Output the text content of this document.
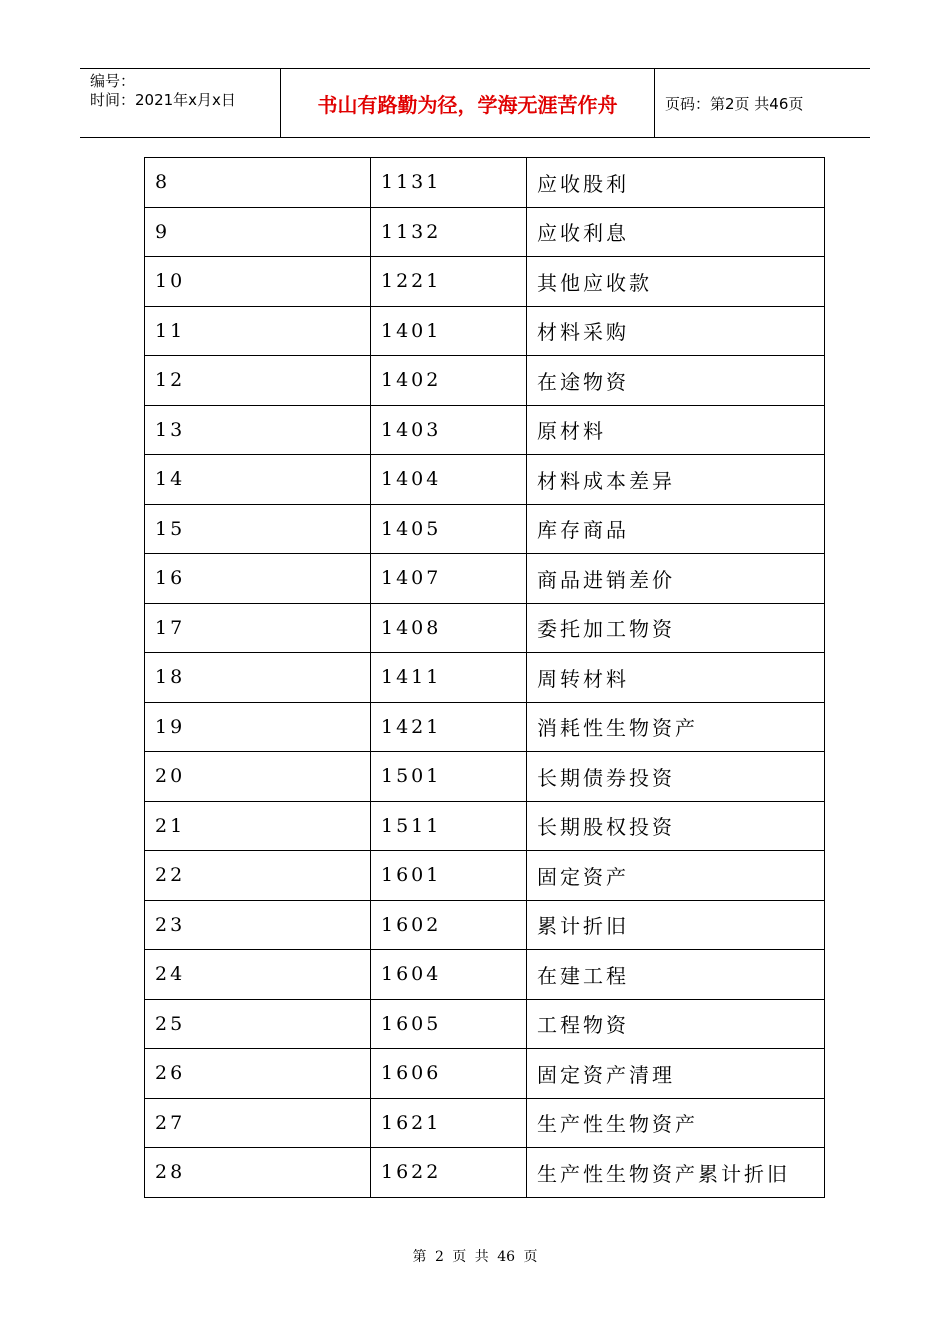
编号：
时间：2021年x月x日	书山有路勤为径，学海无涯苦作舟	页码：第2页 共46页
8	1131	应收股利
9	1132	应收利息
10	1221	其他应收款
11	1401	材料采购
12	1402	在途物资
13	1403	原材料
14	1404	材料成本差异
15	1405	库存商品
16	1407	商品进销差价
17	1408	委托加工物资
18	1411	周转材料
19	1421	消耗性生物资产
20	1501	长期债券投资
21	1511	长期股权投资
22	1601	固定资产
23	1602	累计折旧
24	1604	在建工程
25	1605	工程物资
26	1606	固定资产清理
27	1621	生产性生物资产
28	1622	生产性生物资产累计折旧
第 2 页 共 46 页
